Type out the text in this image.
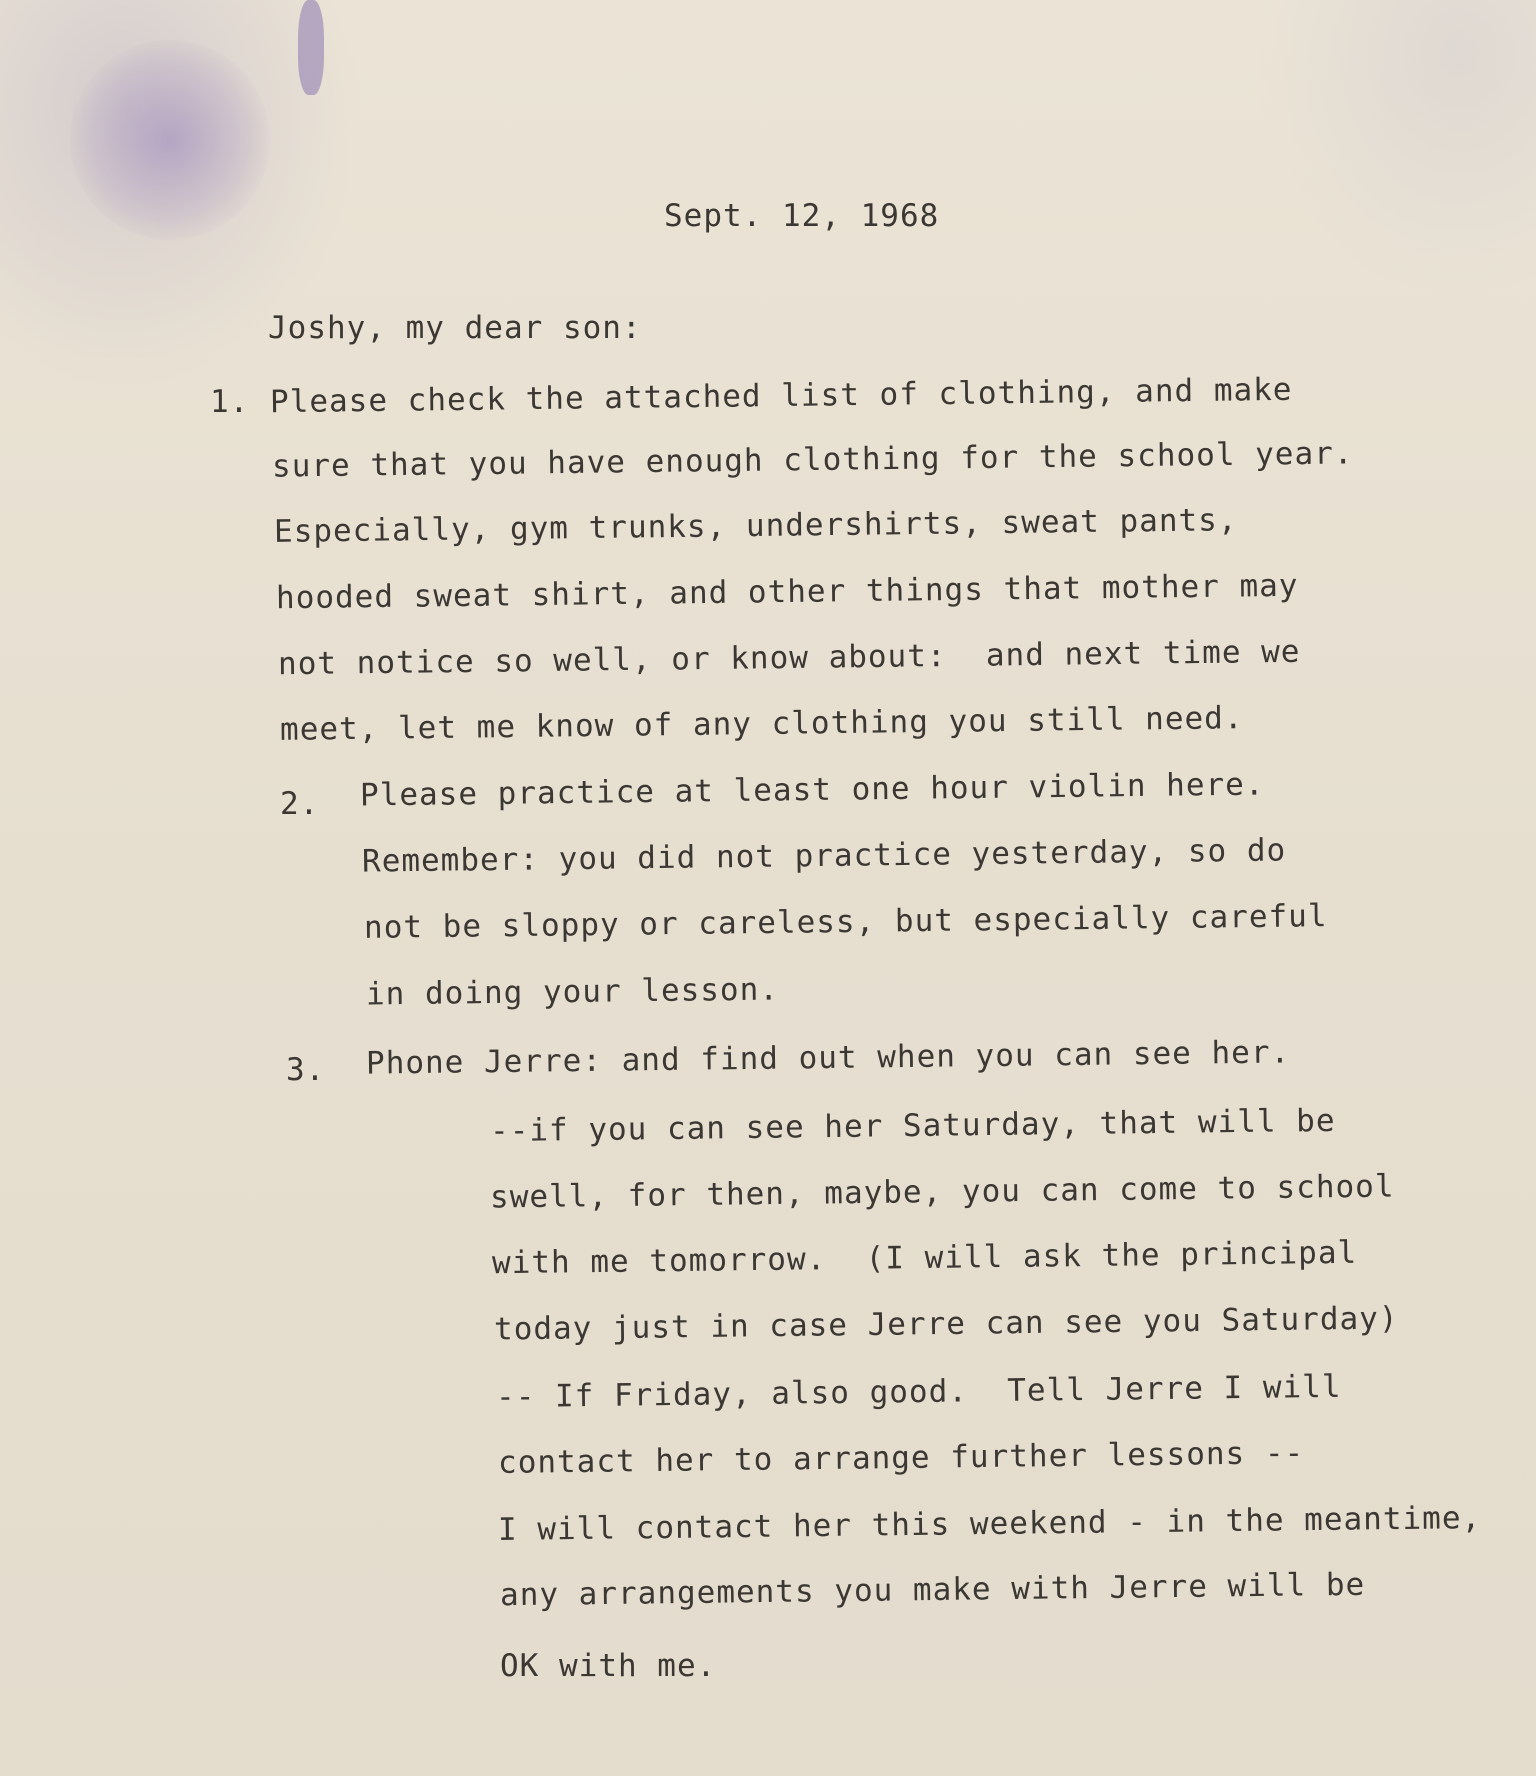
Sept. 12, 1968
Joshy, my dear son:
1. Please check the attached list of clothing, and make
sure that you have enough clothing for the school year.
Especially, gym trunks, undershirts, sweat pants,
hooded sweat shirt, and other things that mother may
not notice so well, or know about:  and next time we
meet, let me know of any clothing you still need.
2. Please practice at least one hour violin here.
Remember: you did not practice yesterday, so do
not be sloppy or careless, but especially careful
in doing your lesson.
3. Phone Jerre: and find out when you can see her.
--if you can see her Saturday, that will be
swell, for then, maybe, you can come to school
with me tomorrow.  (I will ask the principal
today just in case Jerre can see you Saturday)
-- If Friday, also good.  Tell Jerre I will
contact her to arrange further lessons --
I will contact her this weekend - in the meantime,
any arrangements you make with Jerre will be
OK with me.
